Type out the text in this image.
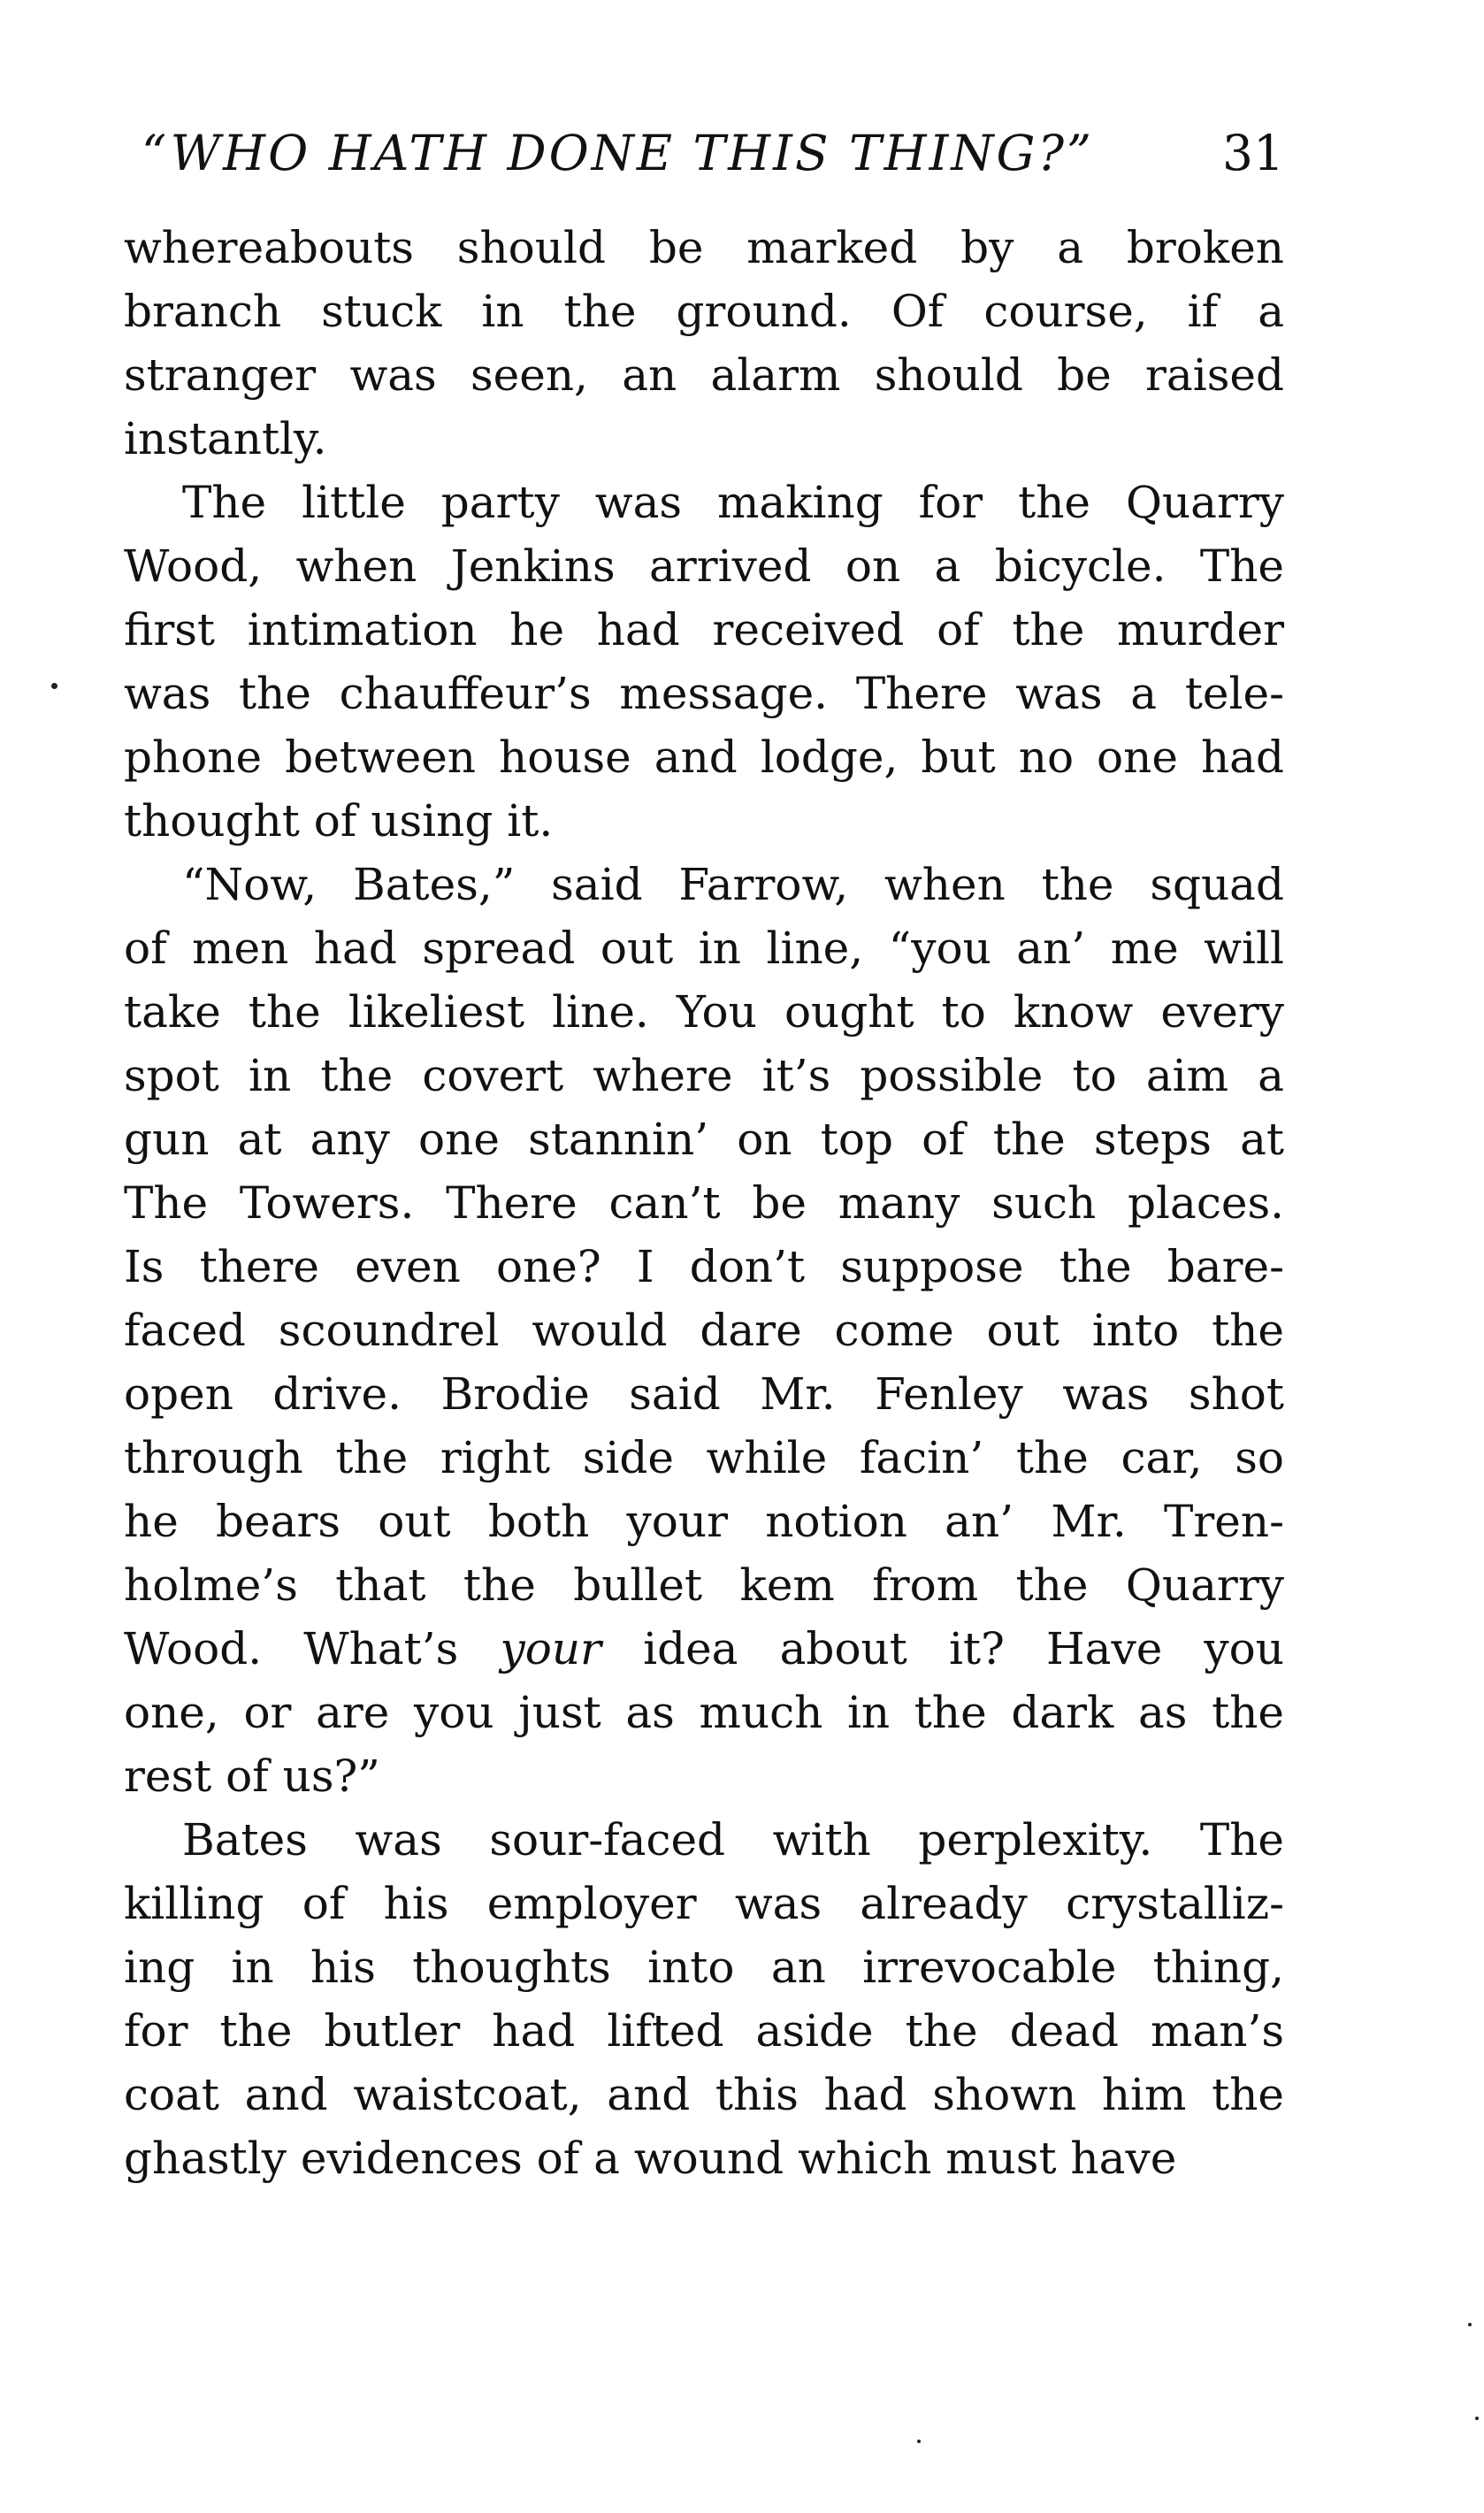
“WHO HATH DONE THIS THING?”	31
whereabouts should be marked by a broken
branch stuck in the ground. Of course, if a
stranger was seen, an alarm should be raised
instantly.
The little party was making for the Quarry
Wood, when Jenkins arrived on a bicycle. The
first intimation he had received of the murder
was the chauffeur’s message. There was a tele-
phone between house and lodge, but no one had
thought of using it.
“Now, Bates,” said Farrow, when the squad
of men had spread out in line, “you an’ me will
take the likeliest line. You ought to know every
spot in the covert where it’s possible to aim a
gun at any one stannin’ on top of the steps at
The Towers. There can’t be many such places.
Is there even one? I don’t suppose the bare-
faced scoundrel would dare come out into the
open drive. Brodie said Mr. Fenley was shot
through the right side while facin’ the car, so
he bears out both your notion an’ Mr. Tren-
holme’s that the bullet kem from the Quarry
Wood. What’s your idea about it? Have you
one, or are you just as much in the dark as the
rest of us?”
Bates was sour-faced with perplexity. The
killing of his employer was already crystalliz-
ing in his thoughts into an irrevocable thing,
for the butler had lifted aside the dead man’s
coat and waistcoat, and this had shown him the
ghastly evidences of a wound which must have
